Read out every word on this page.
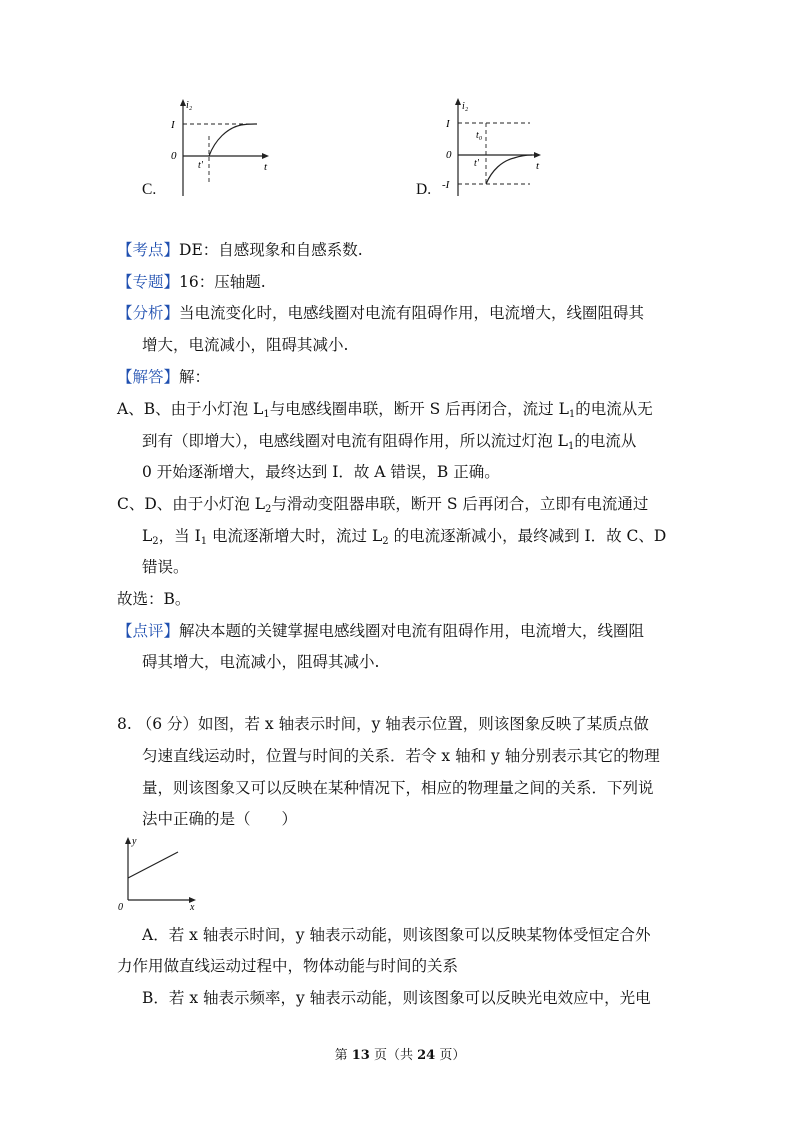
i₂
I
0
t'	t
C.
i₂
I
t₀
0
t'	t
-I
D.
【考点】DE：自感现象和自感系数.
【专题】16：压轴题.
【分析】当电流变化时，电感线圈对电流有阻碍作用，电流增大，线圈阻碍其
增大，电流减小，阻碍其减小.
【解答】解：
A、B、由于小灯泡 $L_1$与电感线圈串联，断开 S 后再闭合，流过 $L_1$的电流从无
到有（即增大），电感线圈对电流有阻碍作用，所以流过灯泡 $L_1$的电流从
0 开始逐渐增大，最终达到 I．故 A 错误，B 正确。
C、D、由于小灯泡 $L_2$与滑动变阻器串联，断开 S 后再闭合，立即有电流通过
$L_2$，当 $I_1$ 电流逐渐增大时，流过 $L_2$ 的电流逐渐减小，最终减到 I．故 C、D
错误。
故选：B。
【点评】解决本题的关键掌握电感线圈对电流有阻碍作用，电流增大，线圈阻
碍其增大，电流减小，阻碍其减小.
8. （6 分）如图，若 x 轴表示时间，y 轴表示位置，则该图象反映了某质点做
匀速直线运动时，位置与时间的关系．若令 x 轴和 y 轴分别表示其它的物理
量，则该图象又可以反映在某种情况下，相应的物理量之间的关系．下列说
法中正确的是（　　）
y
0	x
A．若 x 轴表示时间，y 轴表示动能，则该图象可以反映某物体受恒定合外
力作用做直线运动过程中，物体动能与时间的关系
B．若 x 轴表示频率，y 轴表示动能，则该图象可以反映光电效应中，光电
第 13 页（共 24 页）
